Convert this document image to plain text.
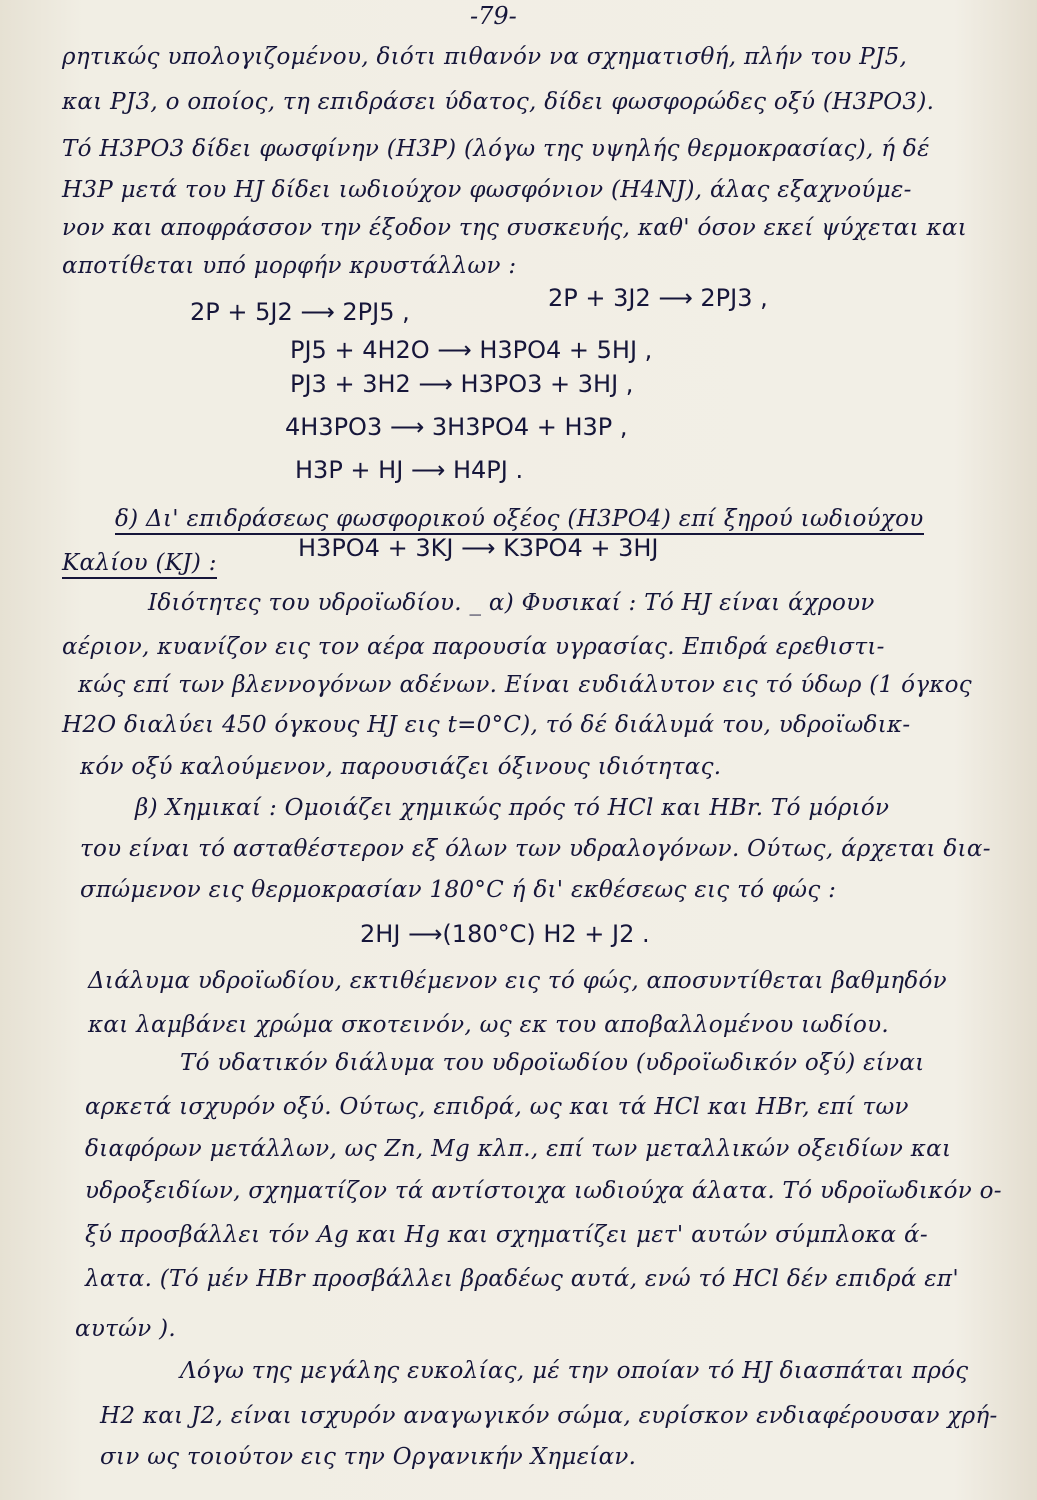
-79-
ρητικώς υπολογιζομένου, διότι πιθανόν να σχηματισθή, πλήν του PJ5,
και PJ3, ο οποίος, τη επιδράσει ύδατος, δίδει φωσφορώδες οξύ (H3PO3).
Τό H3PO3 δίδει φωσφίνην (H3P) (λόγω της υψηλής θερμοκρασίας), ή δέ
H3P μετά του HJ δίδει ιωδιούχον φωσφόνιον (H4NJ), άλας εξαχνούμε-
νον και αποφράσσον την έξοδον της συσκευής, καθ' όσον εκεί ψύχεται και
αποτίθεται υπό μορφήν κρυστάλλων :
2P + 5J2 ⟶ 2PJ5 ,	2P + 3J2 ⟶ 2PJ3 ,
PJ5 + 4H2O ⟶ H3PO4 + 5HJ ,
PJ3 + 3H2 ⟶ H3PO3 + 3HJ ,
4H3PO3 ⟶ 3H3PO4 + H3P ,
H3P + HJ ⟶ H4PJ .
δ) Δι' επιδράσεως φωσφορικού οξέος (H3PO4) επί ξηρού ιωδιούχου
Καλίου (KJ) :
H3PO4 + 3KJ ⟶ K3PO4 + 3HJ
Ιδιότητες του υδροϊωδίου. _ α) Φυσικαί : Τό HJ είναι άχρουν
αέριον, κυανίζον εις τον αέρα παρουσία υγρασίας. Επιδρά ερεθιστι-
κώς επί των βλεννογόνων αδένων. Είναι ευδιάλυτον εις τό ύδωρ (1 όγκος
H2O διαλύει 450 όγκους HJ εις t=0°C), τό δέ διάλυμά του, υδροϊωδικ-
κόν οξύ καλούμενον, παρουσιάζει όξινους ιδιότητας.
β) Χημικαί : Ομοιάζει χημικώς πρός τό HCl και HBr. Τό μόριόν
του είναι τό ασταθέστερον εξ όλων των υδραλογόνων. Ούτως, άρχεται δια-
σπώμενον εις θερμοκρασίαν 180°C ή δι' εκθέσεως εις τό φώς :
2HJ ⟶(180°C) H2 + J2 .
Διάλυμα υδροϊωδίου, εκτιθέμενον εις τό φώς, αποσυντίθεται βαθμηδόν
και λαμβάνει χρώμα σκοτεινόν, ως εκ του αποβαλλομένου ιωδίου.
Τό υδατικόν διάλυμα του υδροϊωδίου (υδροϊωδικόν οξύ) είναι
αρκετά ισχυρόν οξύ. Ούτως, επιδρά, ως και τά HCl και HBr, επί των
διαφόρων μετάλλων, ως Zn, Mg κλπ., επί των μεταλλικών οξειδίων και
υδροξειδίων, σχηματίζον τά αντίστοιχα ιωδιούχα άλατα. Τό υδροϊωδικόν ο-
ξύ προσβάλλει τόν Ag και Hg και σχηματίζει μετ' αυτών σύμπλοκα ά-
λατα. (Τό μέν HBr προσβάλλει βραδέως αυτά, ενώ τό HCl δέν επιδρά επ'
αυτών ).
Λόγω της μεγάλης ευκολίας, μέ την οποίαν τό HJ διασπάται πρός
H2 και J2, είναι ισχυρόν αναγωγικόν σώμα, ευρίσκον ενδιαφέρουσαν χρή-
σιν ως τοιούτον εις την Οργανικήν Χημείαν.
